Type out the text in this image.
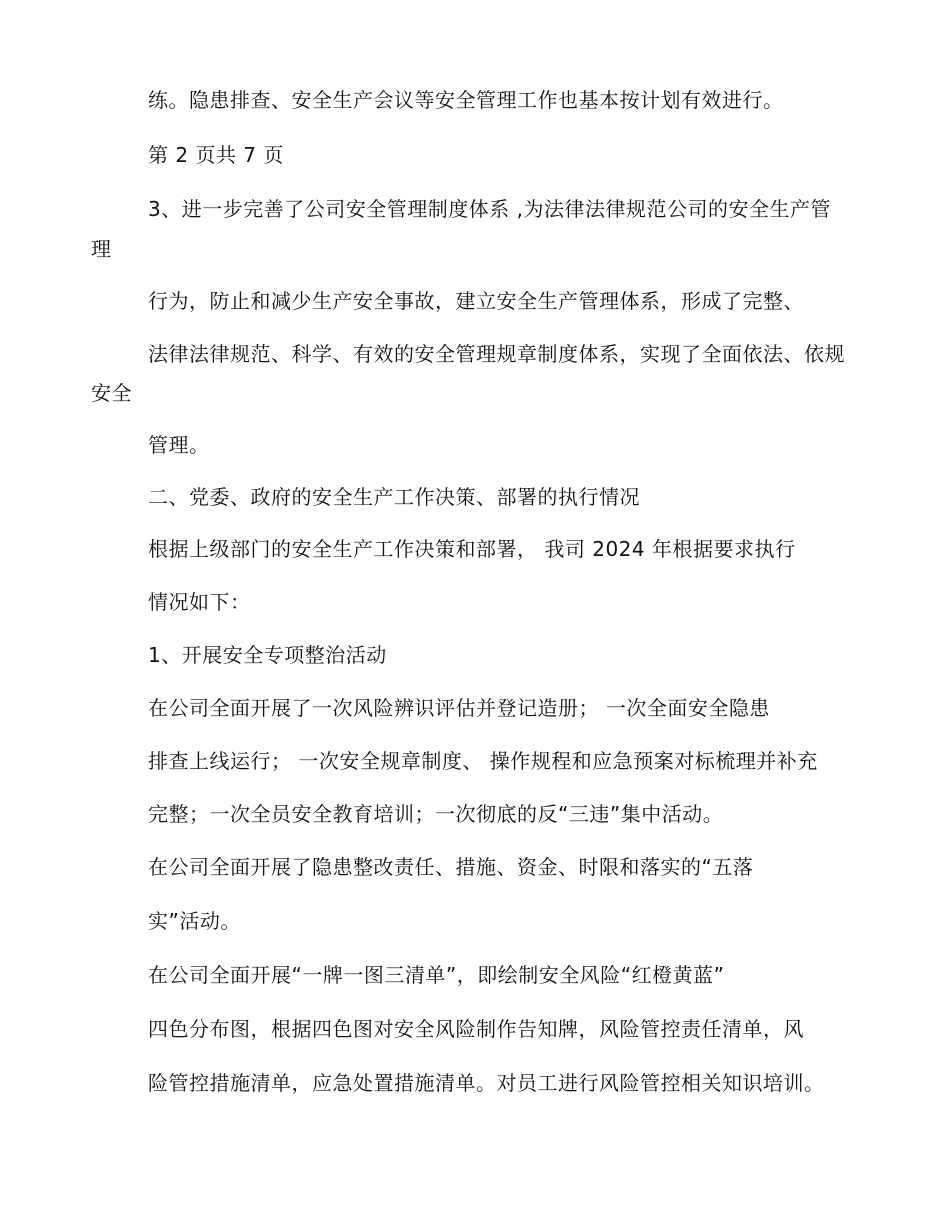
练。隐患排查、安全生产会议等安全管理工作也基本按计划有效进行。

第 2 页共 7 页

3、进一步完善了公司安全管理制度体系 ,为法律法律规范公司的安全生产管

理

行为，防止和减少生产安全事故，建立安全生产管理体系，形成了完整、

法律法律规范、科学、有效的安全管理规章制度体系，实现了全面依法、依规

安全

管理。

二、党委、政府的安全生产工作决策、部署的执行情况

根据上级部门的安全生产工作决策和部署， 我司 2024 年根据要求执行

情况如下：

1、开展安全专项整治活动

在公司全面开展了一次风险辨识评估并登记造册； 一次全面安全隐患

排查上线运行； 一次安全规章制度、 操作规程和应急预案对标梳理并补充

完整；一次全员安全教育培训；一次彻底的反“三违”集中活动。

在公司全面开展了隐患整改责任、措施、资金、时限和落实的“五落

实”活动。

在公司全面开展“一牌一图三清单”，即绘制安全风险“红橙黄蓝”

四色分布图，根据四色图对安全风险制作告知牌，风险管控责任清单，风

险管控措施清单，应急处置措施清单。对员工进行风险管控相关知识培训。
